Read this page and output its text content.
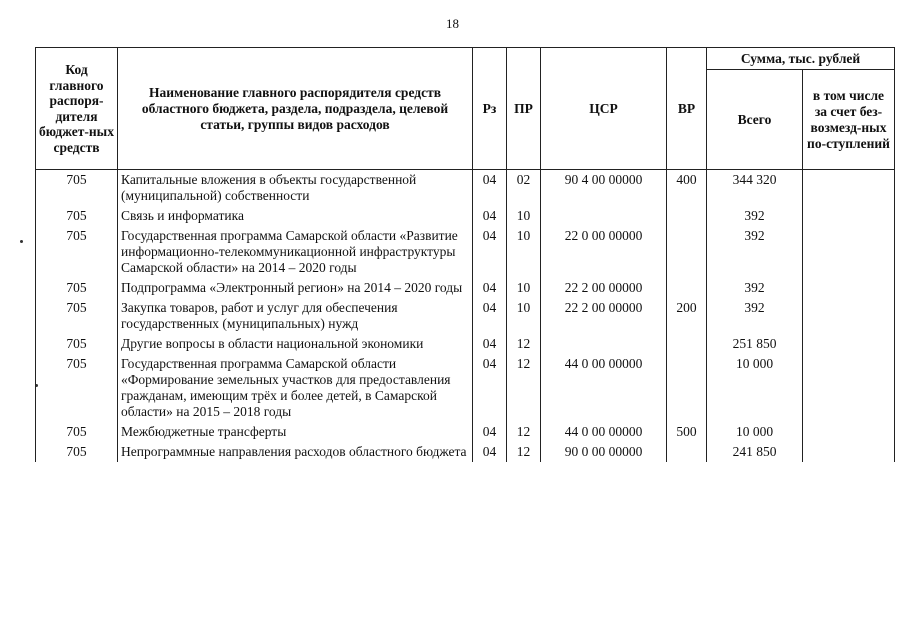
18
Код главного распоря-дителя бюджет-ных средств	Наименование главного распорядителя средств областного бюджета, раздела, подраздела, целевой статьи, группы видов расходов	Рз	ПР	ЦСР	ВР	Сумма, тыс. рублей	
						Всего	в том числе за счет без-возмезд-ных по-ступлений
705	Капитальные вложения в объекты государственной (муниципальной) собственности	04	02	90 4 00 00000	400	344 320	
705	Связь и информатика	04	10			392	
705	Государственная программа Самарской области «Развитие информационно-телекоммуникационной инфраструктуры Самарской области» на 2014 – 2020 годы	04	10	22 0 00 00000		392	
705	Подпрограмма «Электронный регион» на 2014 – 2020 годы	04	10	22 2 00 00000		392	
705	Закупка товаров, работ и услуг для обеспечения государственных (муниципальных) нужд	04	10	22 2 00 00000	200	392	
705	Другие вопросы в области национальной экономики	04	12			251 850	
705	Государственная программа Самарской области «Формирование земельных участков для предоставления гражданам, имеющим трёх и более детей, в Самарской области» на 2015 – 2018 годы	04	12	44 0 00 00000		10 000	
705	Межбюджетные трансферты	04	12	44 0 00 00000	500	10 000	
705	Непрограммные направления расходов областного бюджета	04	12	90 0 00 00000		241 850	
